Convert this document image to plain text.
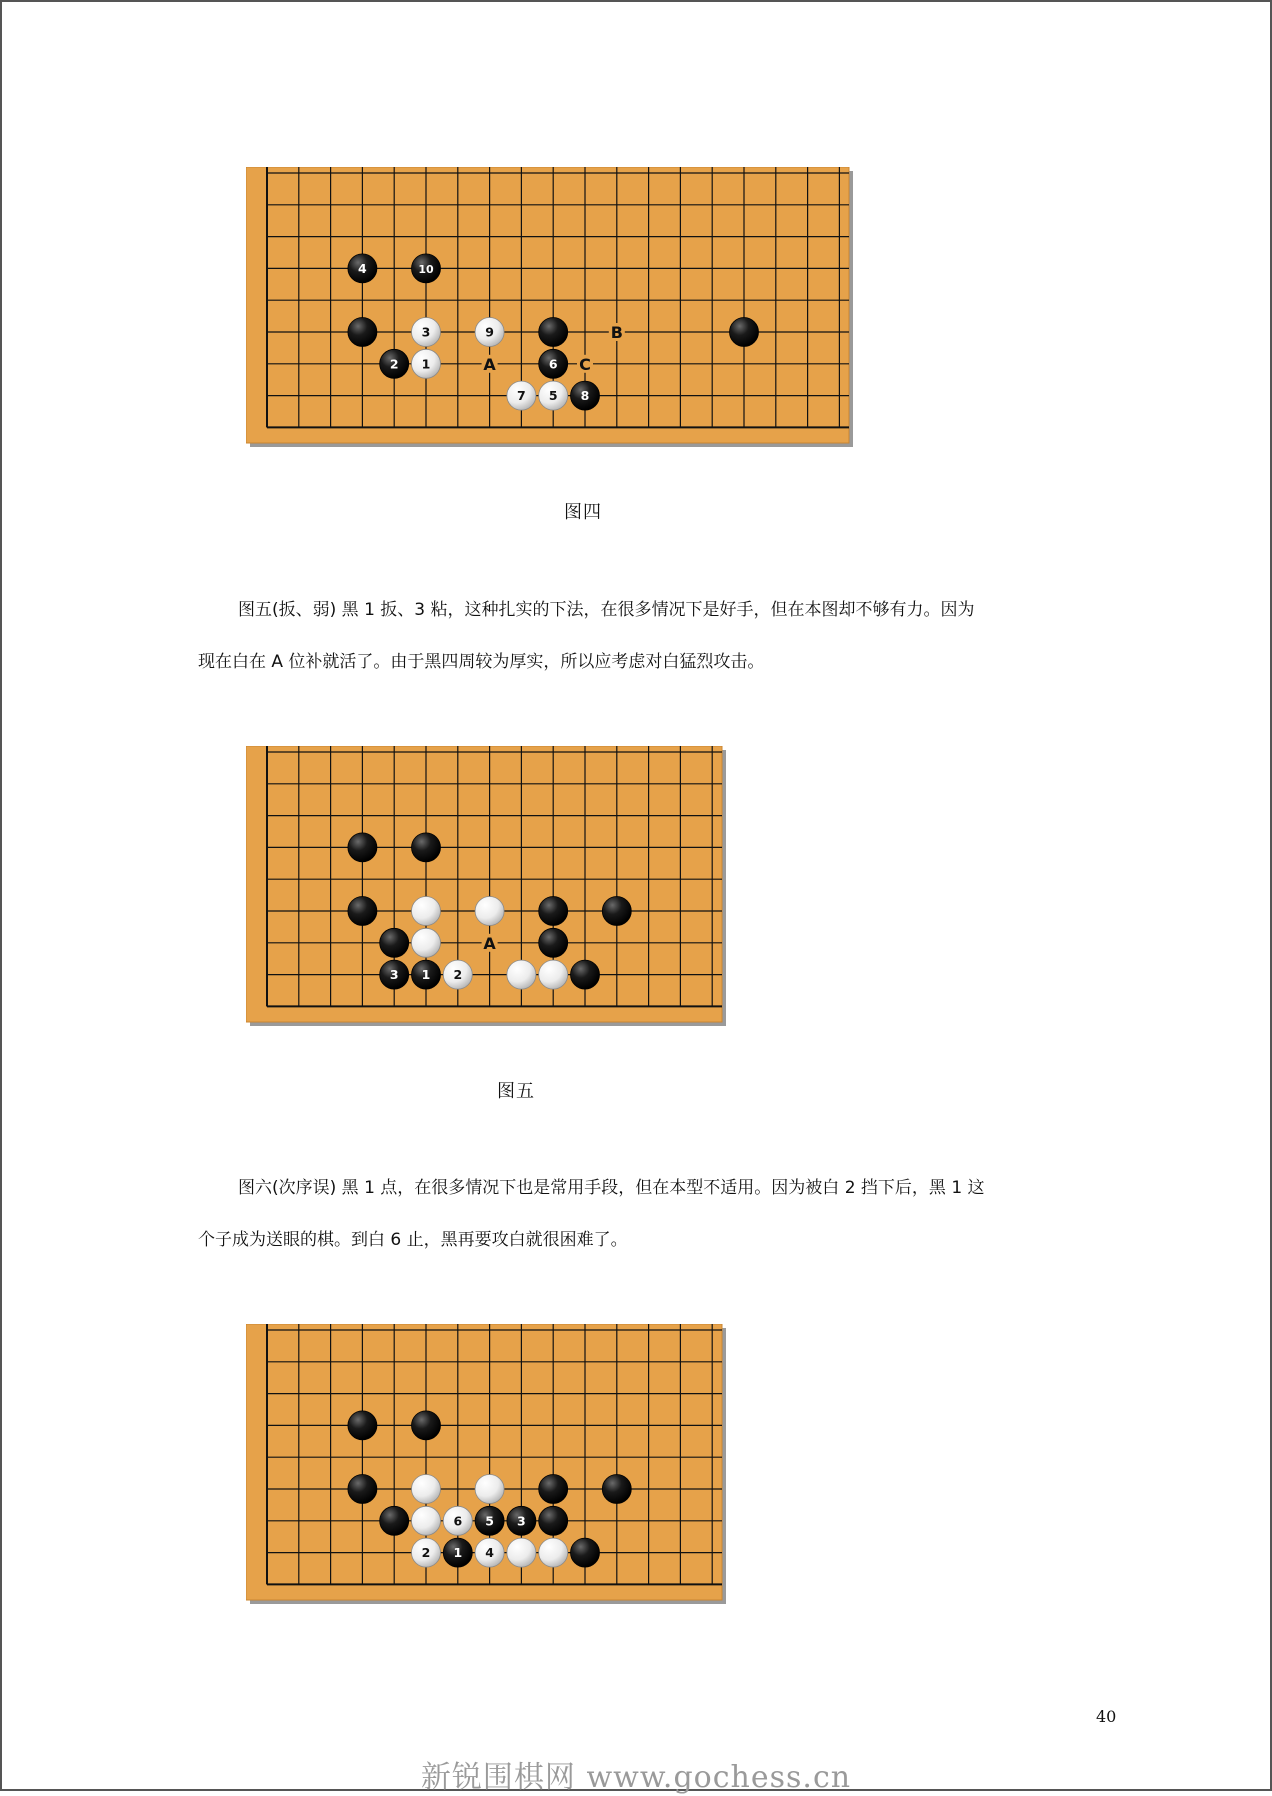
B
A	C
4	10
3	9
2 1	6
7 5 8
图四

图五(扳、弱) 黑 1 扳、3 粘，这种扎实的下法，在很多情况下是好手，但在本图却不够有力。因为

现在白在 A 位补就活了。由于黑四周较为厚实，所以应考虑对白猛烈攻击。

A
3 1 2
图五

图六(次序误) 黑 1 点，在很多情况下也是常用手段，但在本型不适用。因为被白 2 挡下后，黑 1 这

个子成为送眼的棋。到白 6 止，黑再要攻白就很困难了。

6 5 3
2 1 4
40
新锐围棋网 www.gochess.cn
